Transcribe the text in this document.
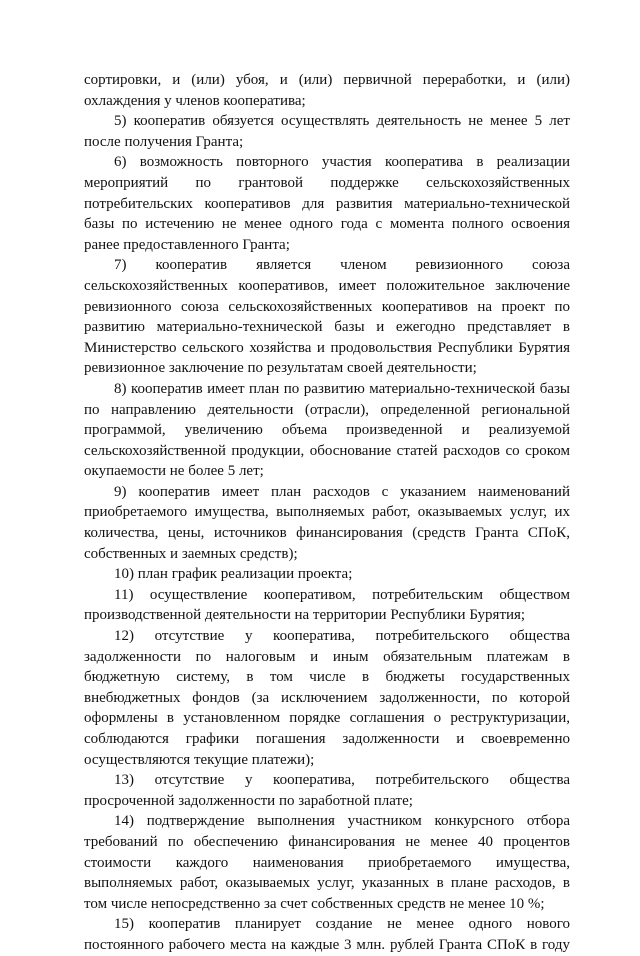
сортировки, и (или) убоя, и (или) первичной переработки, и (или)

охлаждения у членов кооператива;

5) кооператив обязуется осуществлять деятельность не менее 5 лет

после получения Гранта;

6) возможность повторного участия кооператива в реализации

мероприятий по грантовой поддержке сельскохозяйственных

потребительских кооперативов для развития материально-технической

базы по истечению не менее одного года с момента полного освоения

ранее предоставленного Гранта;

7) кооператив является членом ревизионного союза

сельскохозяйственных кооперативов, имеет положительное заключение

ревизионного союза сельскохозяйственных кооперативов на проект по

развитию материально-технической базы и ежегодно представляет в

Министерство сельского хозяйства и продовольствия Республики Бурятия

ревизионное заключение по результатам своей деятельности;

8) кооператив имеет план по развитию материально-технической базы

по направлению деятельности (отрасли), определенной региональной

программой, увеличению объема произведенной и реализуемой

сельскохозяйственной продукции, обоснование статей расходов со сроком

окупаемости не более 5 лет;

9) кооператив имеет план расходов с указанием наименований

приобретаемого имущества, выполняемых работ, оказываемых услуг, их

количества, цены, источников финансирования (средств Гранта СПоК,

собственных и заемных средств);

10) план график реализации проекта;

11) осуществление кооперативом, потребительским обществом

производственной деятельности на территории Республики Бурятия;

12) отсутствие у кооператива, потребительского общества

задолженности по налоговым и иным обязательным платежам в

бюджетную систему, в том числе в бюджеты государственных

внебюджетных фондов (за исключением задолженности, по которой

оформлены в установленном порядке соглашения о реструктуризации,

соблюдаются графики погашения задолженности и своевременно

осуществляются текущие платежи);

13) отсутствие у кооператива, потребительского общества

просроченной задолженности по заработной плате;

14) подтверждение выполнения участником конкурсного отбора

требований по обеспечению финансирования не менее 40 процентов

стоимости каждого наименования приобретаемого имущества,

выполняемых работ, оказываемых услуг, указанных в плане расходов, в

том числе непосредственно за счет собственных средств не менее 10 %;

15) кооператив планирует создание не менее одного нового

постоянного рабочего места на каждые 3 млн. рублей Гранта СПоК в году
